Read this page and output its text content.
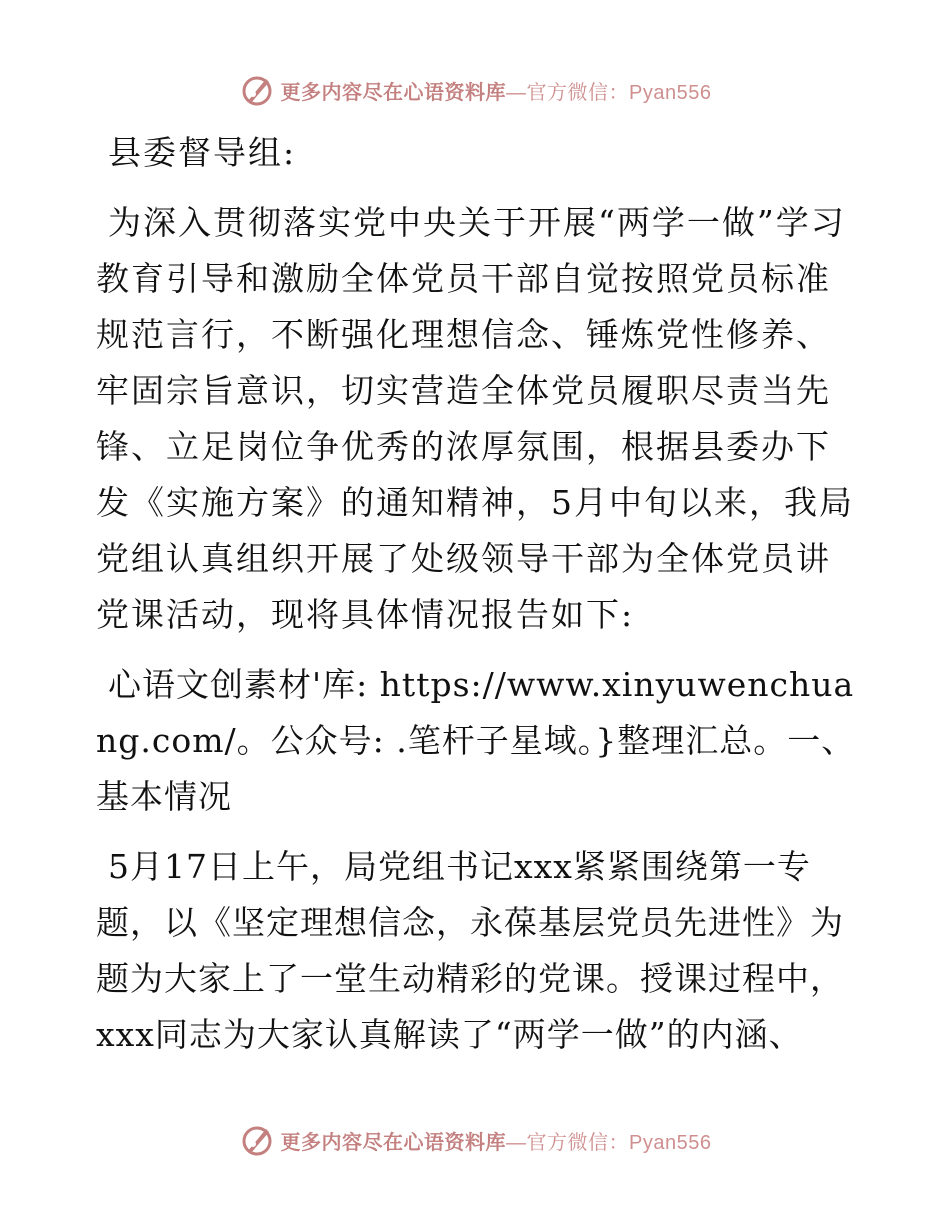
更多内容尽在心语资料库—官方微信：Pyan556

县委督导组:

为深入贯彻落实党中央关于开展“两学一做”学习教育引导和激励全体党员干部自觉按照党员标准规范言行，不断强化理想信念、锤炼党性修养、牢固宗旨意识，切实营造全体党员履职尽责当先锋、立足岗位争优秀的浓厚氛围，根据县委办下发《实施方案》的通知精神，5月中旬以来，我局党组认真组织开展了处级领导干部为全体党员讲党课活动，现将具体情况报告如下:

心语文创素材'库: https://www.xinyuwenchuang.com/。公众号: .笔杆子星域。}整理汇总。一、基本情况

5月17日上午，局党组书记xxx紧紧围绕第一专题，以《坚定理想信念，永葆基层党员先进性》为题为大家上了一堂生动精彩的党课。授课过程中，xxx同志为大家认真解读了“两学一做”的内涵、

更多内容尽在心语资料库—官方微信：Pyan556
